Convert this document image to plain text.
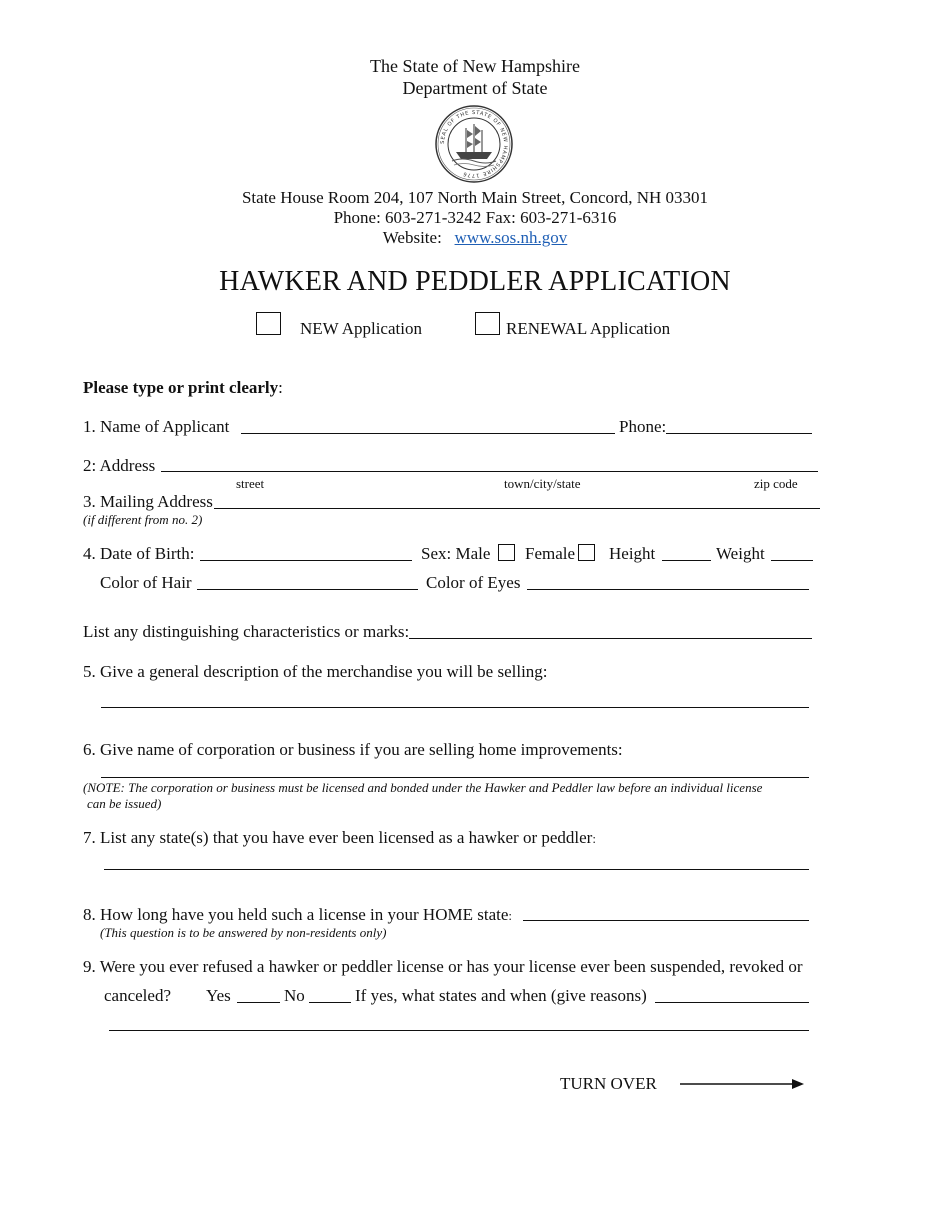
The State of New Hampshire
Department of State
SEAL OF THE STATE OF NEW HAMPSHIRE 1776
State House Room 204, 107 North Main Street, Concord, NH 03301
Phone: 603-271-3242 Fax: 603-271-6316
Website: www.sos.nh.gov
HAWKER AND PEDDLER APPLICATION
NEW Application	RENEWAL Application
Please type or print clearly:
1. Name of Applicant	Phone:
2: Address
street	town/city/state	zip code
3. Mailing Address
(if different from no. 2)
4. Date of Birth:	Sex: Male Female Height	Weight
Color of Hair	Color of Eyes
List any distinguishing characteristics or marks:
5. Give a general description of the merchandise you will be selling:
6. Give name of corporation or business if you are selling home improvements:
(NOTE: The corporation or business must be licensed and bonded under the Hawker and Peddler law before an individual license
can be issued)
7. List any state(s) that you have ever been licensed as a hawker or peddler:
8. How long have you held such a license in your HOME state:
(This question is to be answered by non-residents only)
9. Were you ever refused a hawker or peddler license or has your license ever been suspended, revoked or
canceled? Yes	No	If yes, what states and when (give reasons)
TURN OVER
